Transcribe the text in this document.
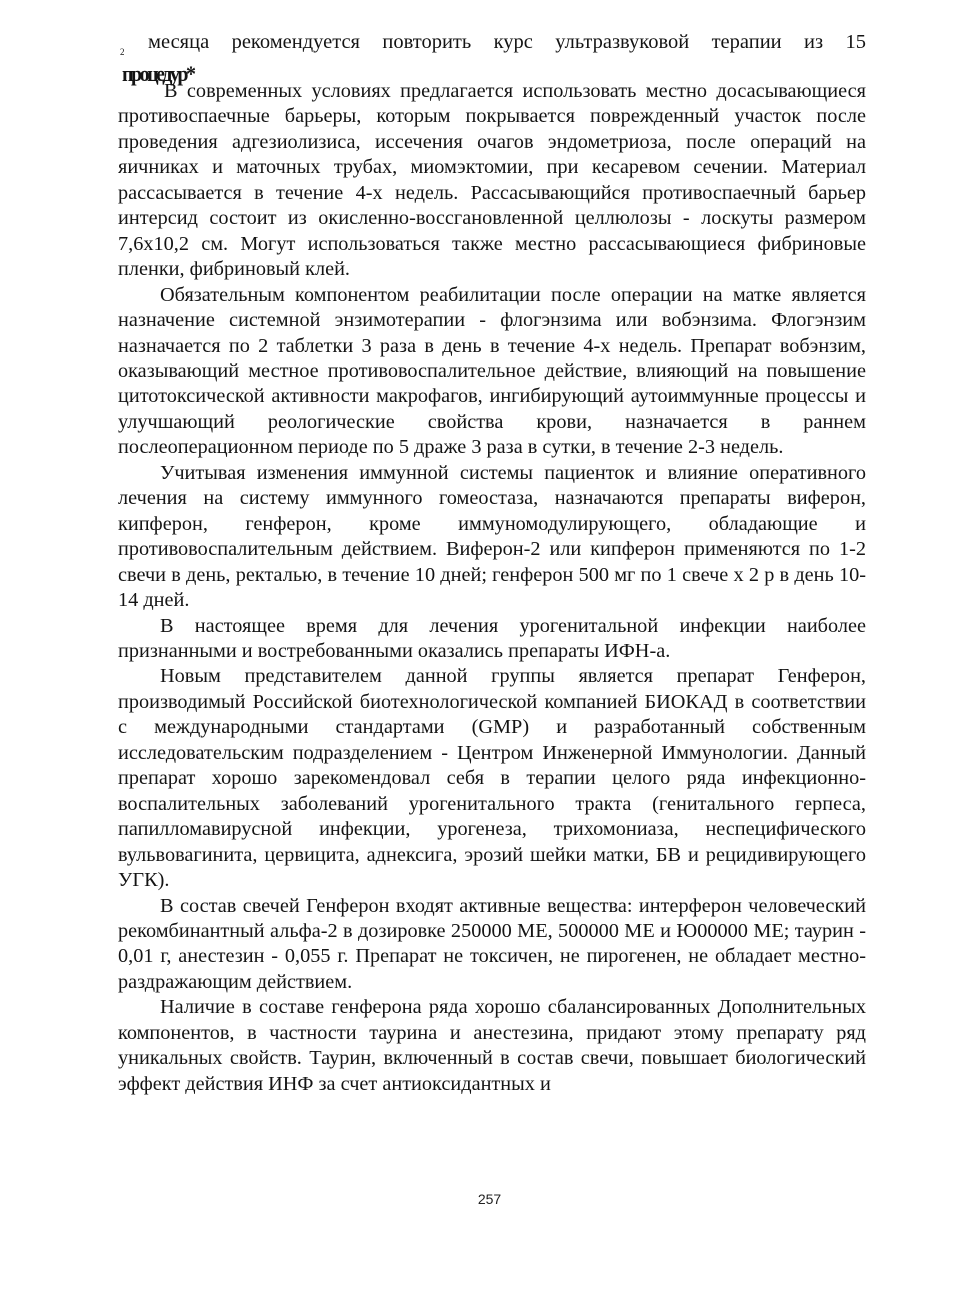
2 месяца рекомендуется повторить курс ультразвуковой терапии из 15
процедур*

В современных условиях предлагается использовать местно досасывающиеся противоспаечные барьеры, которым покрывается поврежденный участок после проведения адгезиолизиса, иссечения очагов эндометриоза, после операций на яичниках и маточных трубах, миомэктомии, при кесаревом сечении. Материал рассасывается в течение 4-х недель. Рассасывающийся противоспаечный барьер интерсид состоит из окисленно-воссгановленной целлюлозы - лоскуты размером 7,6x10,2 см. Могут использоваться также местно рассасывающиеся фибриновые пленки, фибриновый клей.

Обязательным компонентом реабилитации после операции на матке является назначение системной энзимотерапии - флогэнзима или вобэнзима. Флогэнзим назначается по 2 таблетки 3 раза в день в течение 4-х недель. Препарат вобэнзим, оказывающий местное противовоспалительное действие, влияющий на повышение цитотоксической активности макрофагов, ингибирующий аутоиммунные процессы и улучшающий реологические свойства крови, назначается в раннем послеоперационном периоде по 5 драже 3 раза в сутки, в течение 2-3 недель.

Учитывая изменения иммунной системы пациенток и влияние оперативного лечения на систему иммунного гомеостаза, назначаются препараты виферон, кипферон, генферон, кроме иммуномодулирующего, обладающие и противовоспалительным действием. Виферон-2 или кипферон применяются по 1-2 свечи в день, ректалью, в течение 10 дней; генферон 500 мг по 1 свече х 2 р в день 10-14 дней.

В настоящее время для лечения урогенитальной инфекции наиболее признанными и востребованными оказались препараты ИФН-а.

Новым представителем данной группы является препарат Генферон, производимый Российской биотехнологической компанией БИОКАД в соответствии с международными стандартами (GMP) и разработанный собственным исследовательским подразделением - Центром Инженерной Иммунологии. Данный препарат хорошо зарекомендовал себя в терапии целого ряда инфекционно-воспалительных заболеваний урогенитального тракта (генитального герпеса, папилломавирусной инфекции, урогенеза, трихомониаза, неспецифического вульвовагинита, цервицита, аднексига, эрозий шейки матки, БВ и рецидивирующего УГК).

В состав свечей Генферон входят активные вещества: интерферон человеческий рекомбинантный альфа-2 в дозировке 250000 ME, 500000 ME и Ю00000 ME; таурин - 0,01 г, анестезин - 0,055 г. Препарат не токсичен, не пирогенен, не обладает местно-раздражающим действием.

Наличие в составе генферона ряда хорошо сбалансированных Дополнительных компонентов, в частности таурина и анестезина, придают этому препарату ряд уникальных свойств. Таурин, включенный в состав свечи, повышает биологический эффект действия ИНФ за счет антиоксидантных и

257
